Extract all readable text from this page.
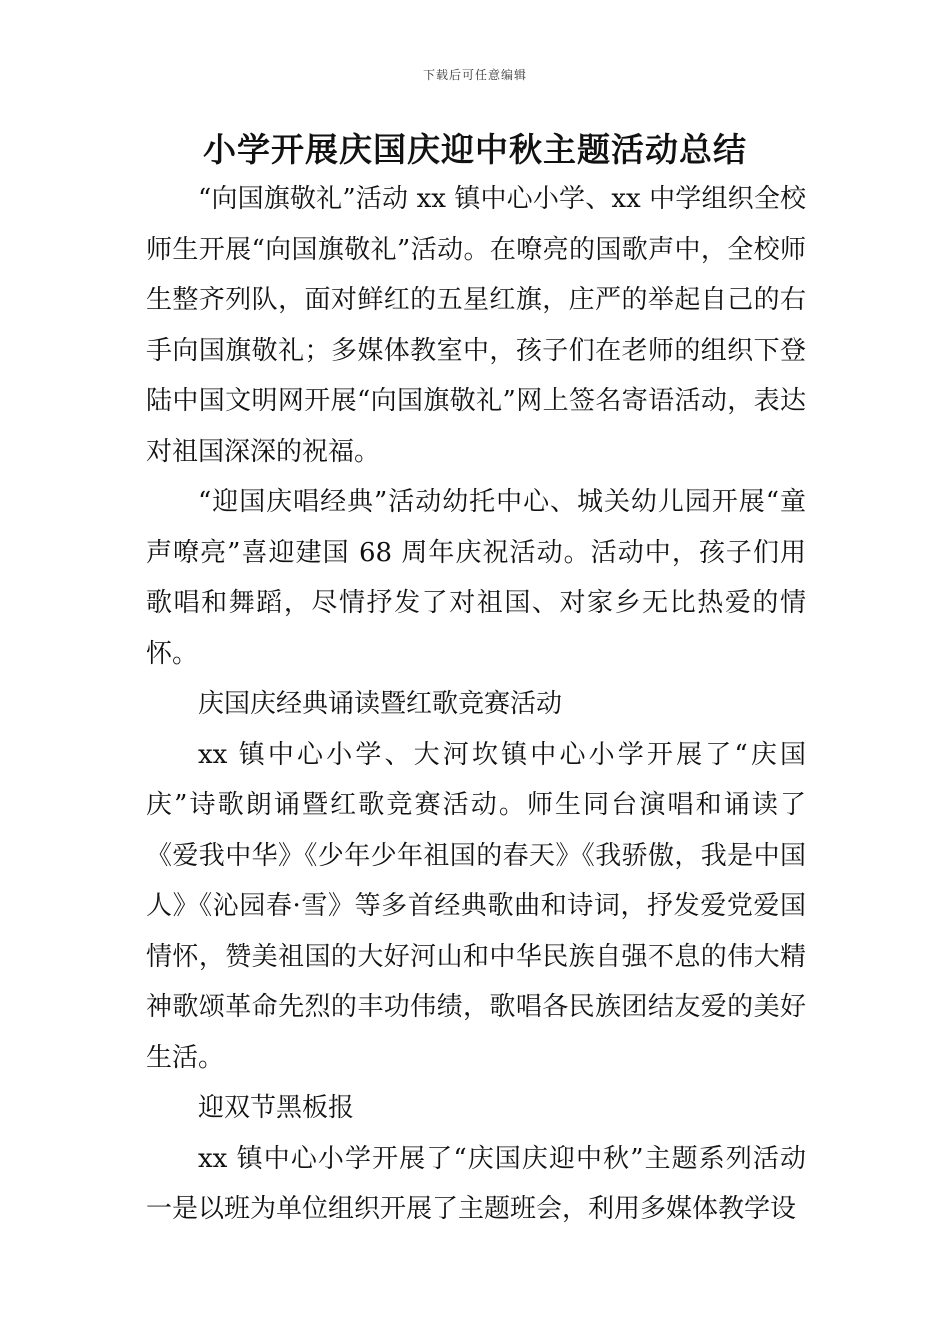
下载后可任意编辑
小学开展庆国庆迎中秋主题活动总结

“向国旗敬礼”活动 xx 镇中心小学、xx 中学组织全校师生开展“向国旗敬礼”活动。在嘹亮的国歌声中，全校师生整齐列队，面对鲜红的五星红旗，庄严的举起自己的右手向国旗敬礼；多媒体教室中，孩子们在老师的组织下登陆中国文明网开展“向国旗敬礼”网上签名寄语活动，表达对祖国深深的祝福。

“迎国庆唱经典”活动幼托中心、城关幼儿园开展“童声嘹亮”喜迎建国 68 周年庆祝活动。活动中，孩子们用歌唱和舞蹈，尽情抒发了对祖国、对家乡无比热爱的情怀。

庆国庆经典诵读暨红歌竞赛活动

xx 镇中心小学、大河坎镇中心小学开展了“庆国庆”诗歌朗诵暨红歌竞赛活动。师生同台演唱和诵读了《爱我中华》《少年少年祖国的春天》《我骄傲，我是中国人》《沁园春·雪》等多首经典歌曲和诗词，抒发爱党爱国情怀，赞美祖国的大好河山和中华民族自强不息的伟大精神歌颂革命先烈的丰功伟绩，歌唱各民族团结友爱的美好生活。

迎双节黑板报

xx 镇中心小学开展了“庆国庆迎中秋”主题系列活动一是以班为单位组织开展了主题班会，利用多媒体教学设
